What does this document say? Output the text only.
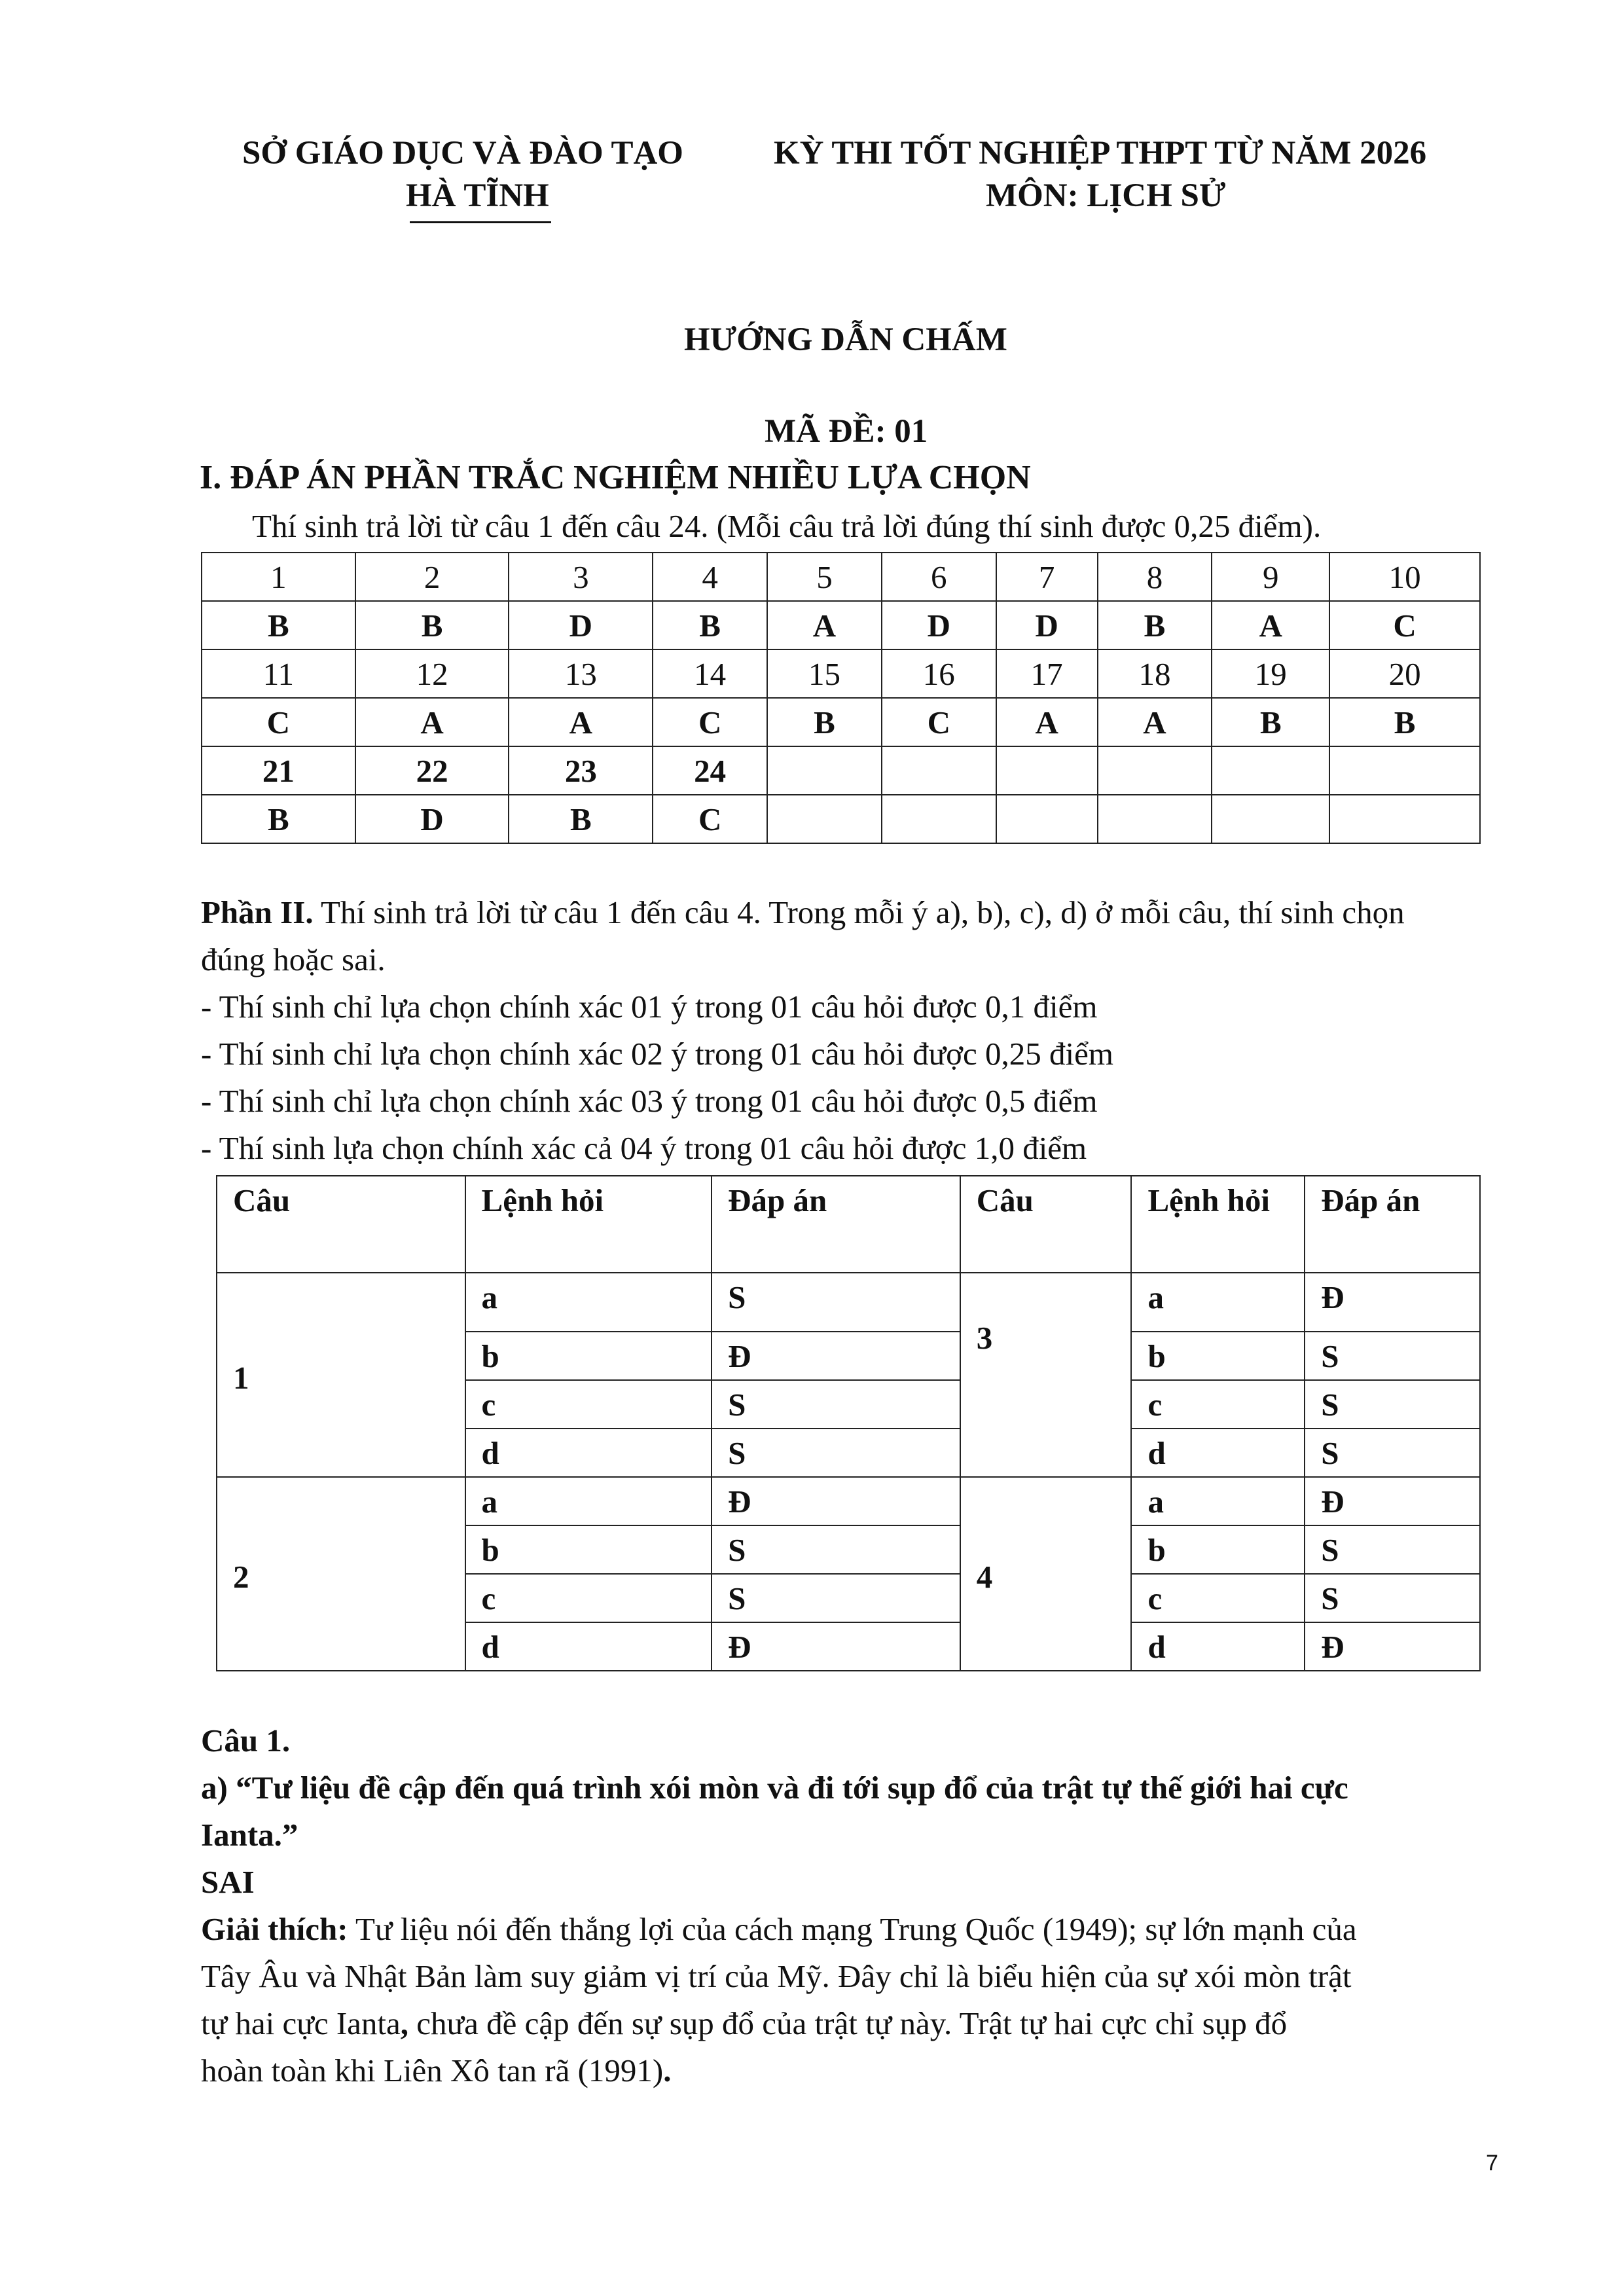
SỞ GIÁO DỤC VÀ ĐÀO TẠO
HÀ TĨNH
KỲ THI TỐT NGHIỆP THPT TỪ NĂM 2026
MÔN: LỊCH SỬ
HƯỚNG DẪN CHẤM
MÃ ĐỀ: 01
I. ĐÁP ÁN PHẦN TRẮC NGHIỆM NHIỀU LỰA CHỌN
Thí sinh trả lời từ câu 1 đến câu 24. (Mỗi câu trả lời đúng thí sinh được 0,25 điểm).
1	2	3	4	5	6	7	8	9	10
B	B	D	B	A	D	D	B	A	C
11	12	13	14	15	16	17	18	19	20
C	A	A	C	B	C	A	A	B	B
21	22	23	24						
B	D	B	C						
Phần II. Thí sinh trả lời từ câu 1 đến câu 4. Trong mỗi ý a), b), c), d) ở mỗi câu, thí sinh chọn
đúng hoặc sai.
- Thí sinh chỉ lựa chọn chính xác 01 ý trong 01 câu hỏi được 0,1 điểm
- Thí sinh chỉ lựa chọn chính xác 02 ý trong 01 câu hỏi được 0,25 điểm
- Thí sinh chỉ lựa chọn chính xác 03 ý trong 01 câu hỏi được 0,5 điểm
- Thí sinh lựa chọn chính xác cả 04 ý trong 01 câu hỏi được 1,0 điểm
Câu	Lệnh hỏi	Đáp án	Câu	Lệnh hỏi	Đáp án
1	a	S	3	a	Đ
	b	Đ		b	S
	c	S		c	S
	d	S		d	S
2	a	Đ	4	a	Đ
	b	S		b	S
	c	S		c	S
	d	Đ		d	Đ
Câu 1.
a) “Tư liệu đề cập đến quá trình xói mòn và đi tới sụp đổ của trật tự thế giới hai cực
Ianta.”
SAI
Giải thích: Tư liệu nói đến thắng lợi của cách mạng Trung Quốc (1949); sự lớn mạnh của
Tây Âu và Nhật Bản làm suy giảm vị trí của Mỹ. Đây chỉ là biểu hiện của sự xói mòn trật
tự hai cực Ianta, chưa đề cập đến sự sụp đổ của trật tự này. Trật tự hai cực chỉ sụp đổ
hoàn toàn khi Liên Xô tan rã (1991).
7
